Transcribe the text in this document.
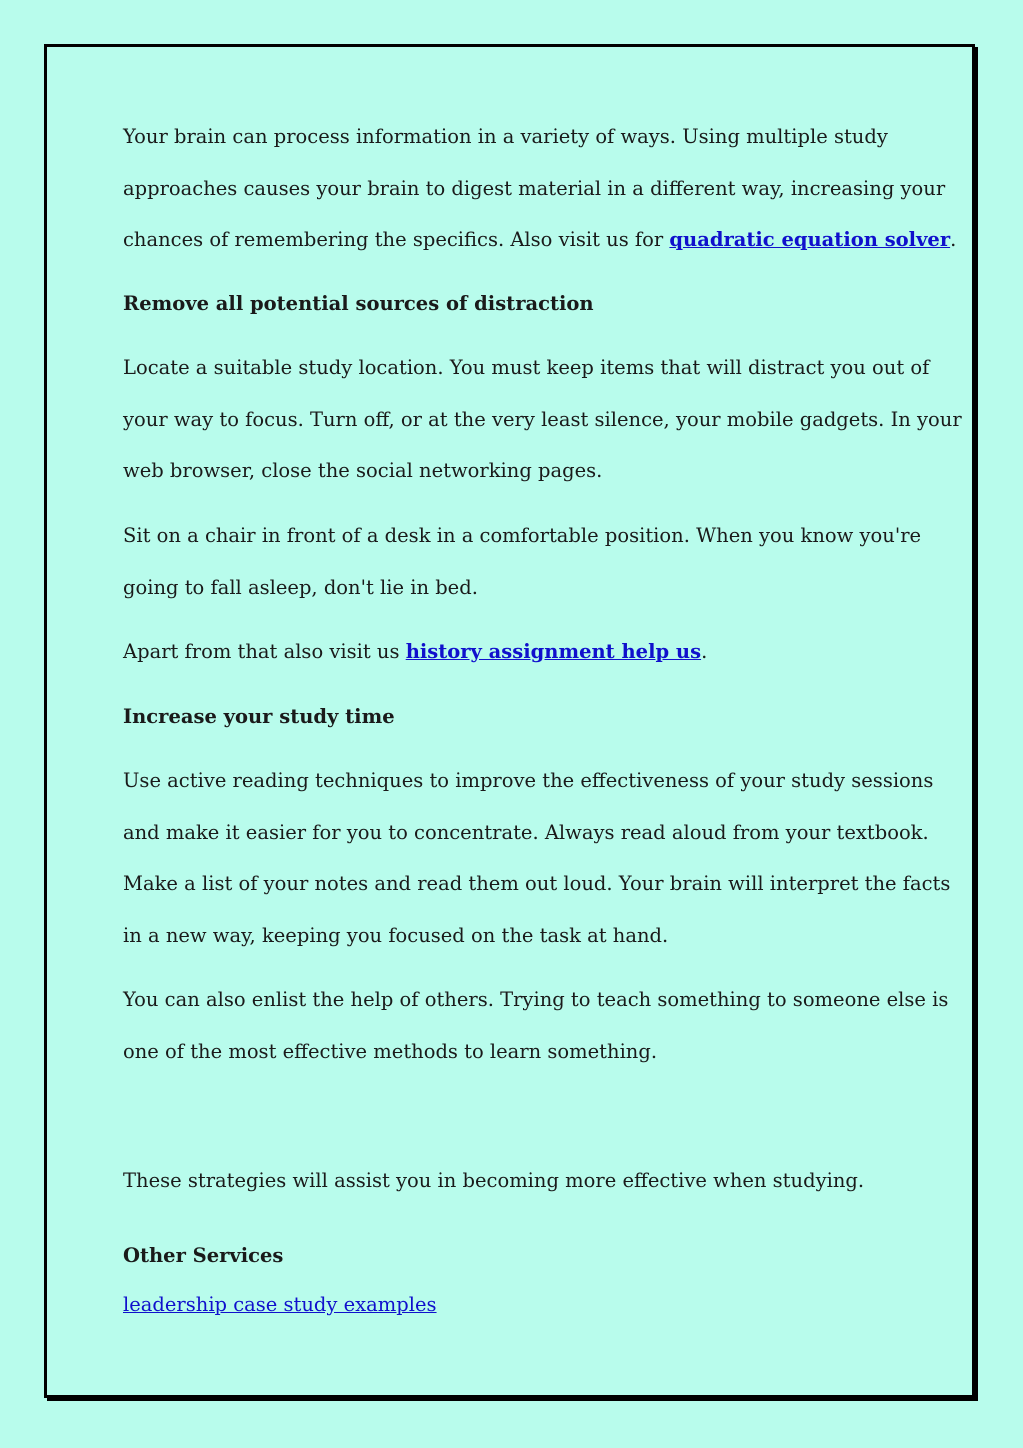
Your brain can process information in a variety of ways. Using multiple study
approaches causes your brain to digest material in a different way, increasing your
chances of remembering the specifics. Also visit us for quadratic equation solver.

Remove all potential sources of distraction

Locate a suitable study location. You must keep items that will distract you out of
your way to focus. Turn off, or at the very least silence, your mobile gadgets. In your
web browser, close the social networking pages.

Sit on a chair in front of a desk in a comfortable position. When you know you're
going to fall asleep, don't lie in bed.

Apart from that also visit us history assignment help us.

Increase your study time

Use active reading techniques to improve the effectiveness of your study sessions
and make it easier for you to concentrate. Always read aloud from your textbook.
Make a list of your notes and read them out loud. Your brain will interpret the facts
in a new way, keeping you focused on the task at hand.

You can also enlist the help of others. Trying to teach something to someone else is
one of the most effective methods to learn something.

These strategies will assist you in becoming more effective when studying.

Other Services

leadership case study examples
